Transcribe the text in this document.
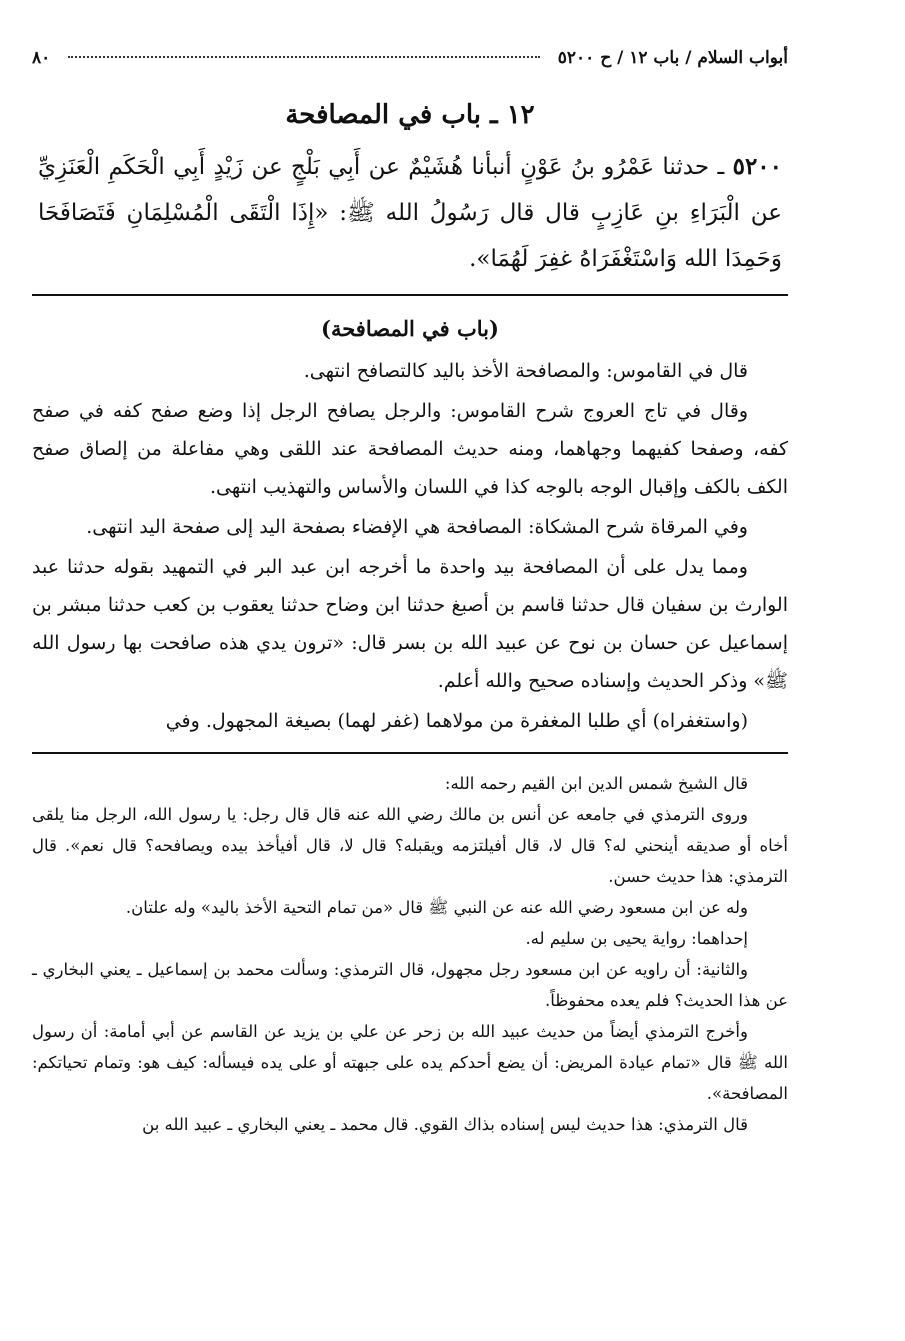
أبواب السلام / باب ١٢ / ح ٥٢٠٠
٨٠
١٢ ـ باب في المصافحة
٥٢٠٠ ـ حدثنا عَمْرُو بنُ عَوْنٍ أنبأنا هُشَيْمٌ عن أَبِي بَلْجٍ عن زَيْدٍ أَبِي الْحَكَمِ الْعَنَزِيِّ عن الْبَرَاءِ بنِ عَازِبٍ قال قال رَسُولُ الله ﷺ: «إِذَا الْتَقَى الْمُسْلِمَانِ فَتَصَافَحَا وَحَمِدَا الله وَاسْتَغْفَرَاهُ غفِرَ لَهُمَا».
(باب في المصافحة)

قال في القاموس: والمصافحة الأخذ باليد كالتصافح انتهى.

وقال في تاج العروج شرح القاموس: والرجل يصافح الرجل إذا وضع صفح كفه في صفح كفه، وصفحا كفيهما وجهاهما، ومنه حديث المصافحة عند اللقى وهي مفاعلة من إلصاق صفح الكف بالكف وإقبال الوجه بالوجه كذا في اللسان والأساس والتهذيب انتهى.

وفي المرقاة شرح المشكاة: المصافحة هي الإفضاء بصفحة اليد إلى صفحة اليد انتهى.

ومما يدل على أن المصافحة بيد واحدة ما أخرجه ابن عبد البر في التمهيد بقوله حدثنا عبد الوارث بن سفيان قال حدثنا قاسم بن أصبغ حدثنا ابن وضاح حدثنا يعقوب بن كعب حدثنا مبشر بن إسماعيل عن حسان بن نوح عن عبيد الله بن بسر قال: «ترون يدي هذه صافحت بها رسول الله ﷺ» وذكر الحديث وإسناده صحيح والله أعلم.

(واستغفراه) أي طلبا المغفرة من مولاهما (غفر لهما) بصيغة المجهول. وفي

قال الشيخ شمس الدين ابن القيم رحمه الله:

وروى الترمذي في جامعه عن أنس بن مالك رضي الله عنه قال قال رجل: يا رسول الله، الرجل منا يلقى أخاه أو صديقه أينحني له؟ قال لا، قال أفيلتزمه ويقبله؟ قال لا، قال أفيأخذ بيده ويصافحه؟ قال نعم». قال الترمذي: هذا حديث حسن.

وله عن ابن مسعود رضي الله عنه عن النبي ﷺ قال «من تمام التحية الأخذ باليد» وله علتان.

إحداهما: رواية يحيى بن سليم له.

والثانية: أن راويه عن ابن مسعود رجل مجهول، قال الترمذي: وسألت محمد بن إسماعيل ـ يعني البخاري ـ عن هذا الحديث؟ فلم يعده محفوظاً.

وأخرج الترمذي أيضاً من حديث عبيد الله بن زحر عن علي بن يزيد عن القاسم عن أبي أمامة: أن رسول الله ﷺ قال «تمام عيادة المريض: أن يضع أحدكم يده على جبهته أو على يده فيسأله: كيف هو: وتمام تحياتكم: المصافحة».

قال الترمذي: هذا حديث ليس إسناده بذاك القوي. قال محمد ـ يعني البخاري ـ عبيد الله بن
